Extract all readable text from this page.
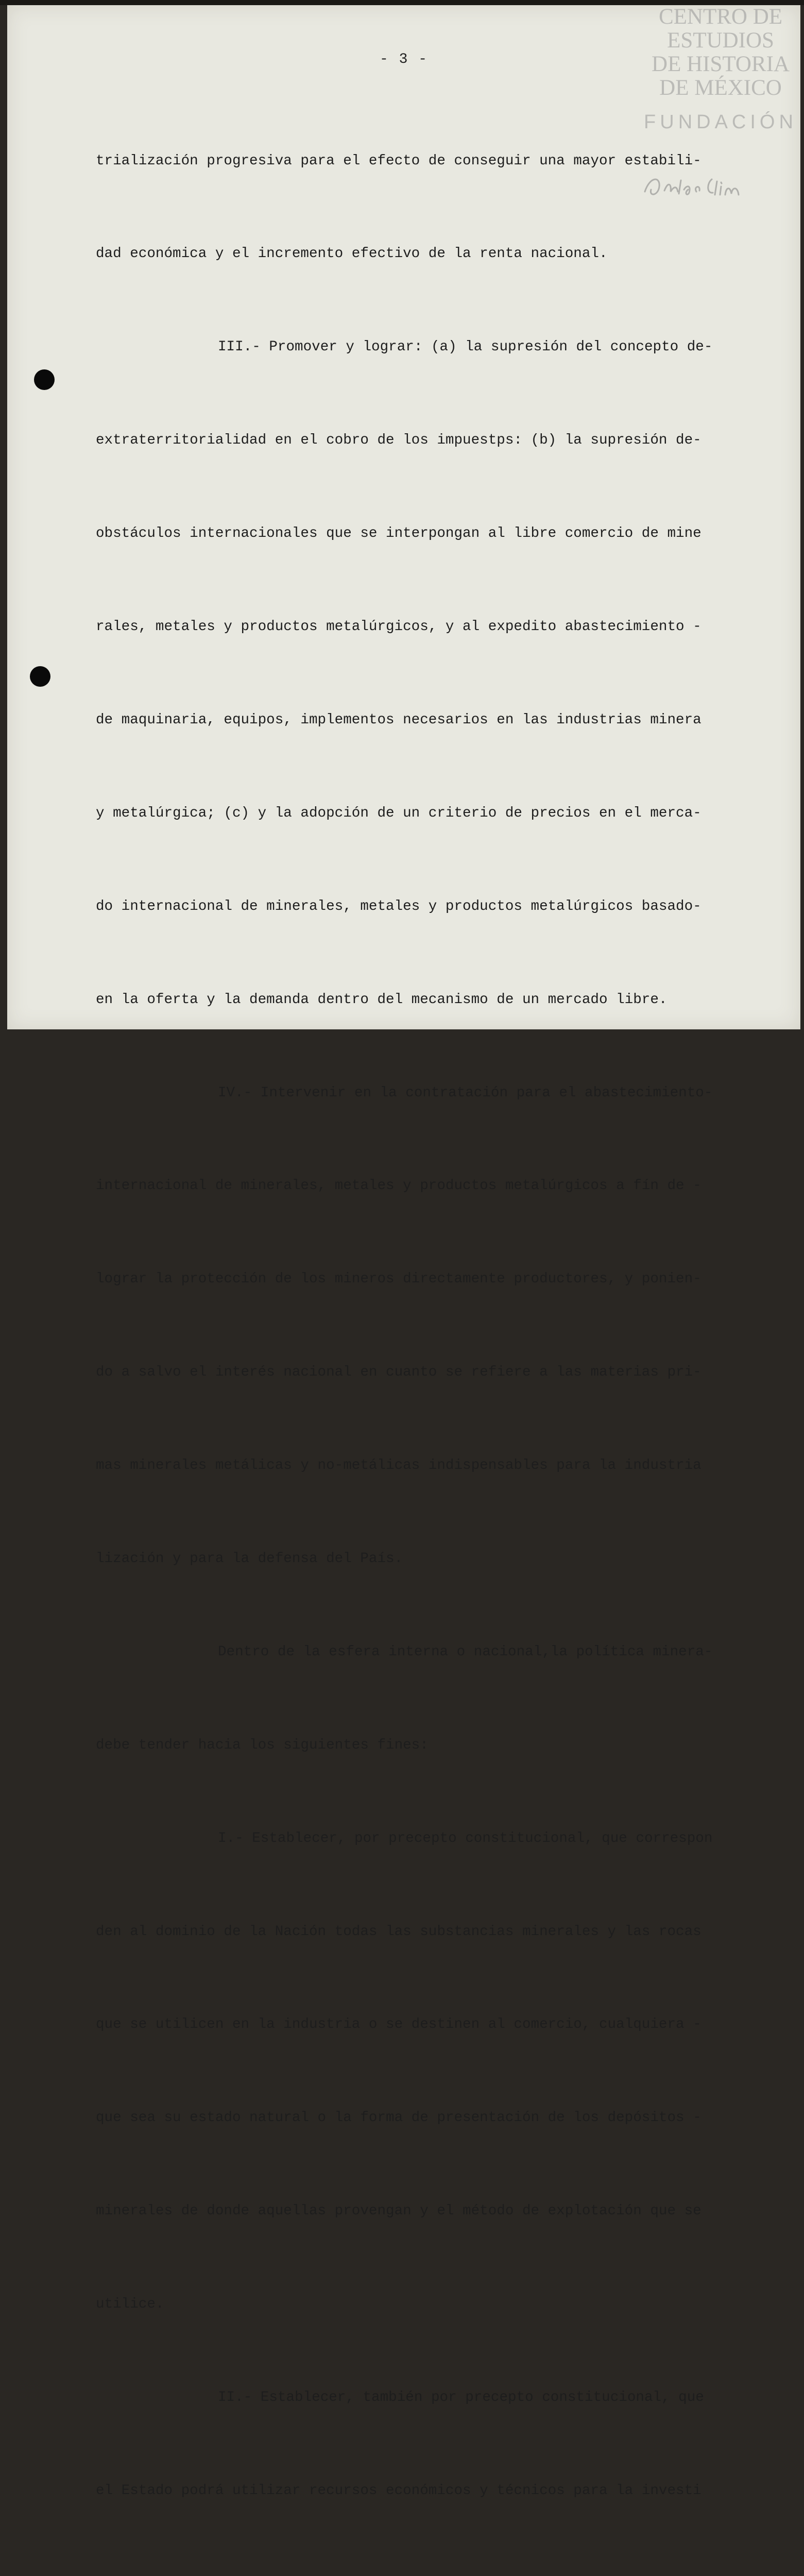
- 3 -

trialización progresiva para el efecto de conseguir una mayor estabili-

dad económica y el incremento efectivo de la renta nacional.

III.- Promover y lograr: (a) la supresión del concepto de-

extraterritorialidad en el cobro de los impuestps: (b) la supresión de-

obstáculos internacionales que se interpongan al libre comercio de mine

rales, metales y productos metalúrgicos, y al expedito abastecimiento -

de maquinaria, equipos, implementos necesarios en las industrias minera

y metalúrgica; (c) y la adopción de un criterio de precios en el merca-

do internacional de minerales, metales y productos metalúrgicos basado-

en la oferta y la demanda dentro del mecanismo de un mercado libre.

IV.- Intervenir en la contratación para el abastecimiento-

internacional de minerales, metales y productos metalúrgicos a fín de -

lograr la protección de los mineros directamente productores, y ponien-

do a salvo el interés nacional en cuanto se refiere a las materias pri-

mas minerales metálicas y no-metálicas indispensables para la industria

lización y para la defensa del País.

Dentro de la esfera interna o nacional,la política minera-

debe tender hacia los siguientes fines:

I.- Establecer, por precepto constitucional, que correspon

den al dominio de la Nación todas las substancias minerales y las rocas

que se utilicen en la industria o se destinen al comercio, cualquiera -

que sea su estado natural o la forma de presentación de los depósitos -

minerales de donde aquellas provengan y el método de explotación que se

utilice.

II.- Establecer, también por precepto constitucional, que

el Estado podrá utilizar recursos económicos y técnicos para la investi

CENTRO DE
ESTUDIOS
DE HISTORIA
DE MÉXICO
FUNDACIÓN
